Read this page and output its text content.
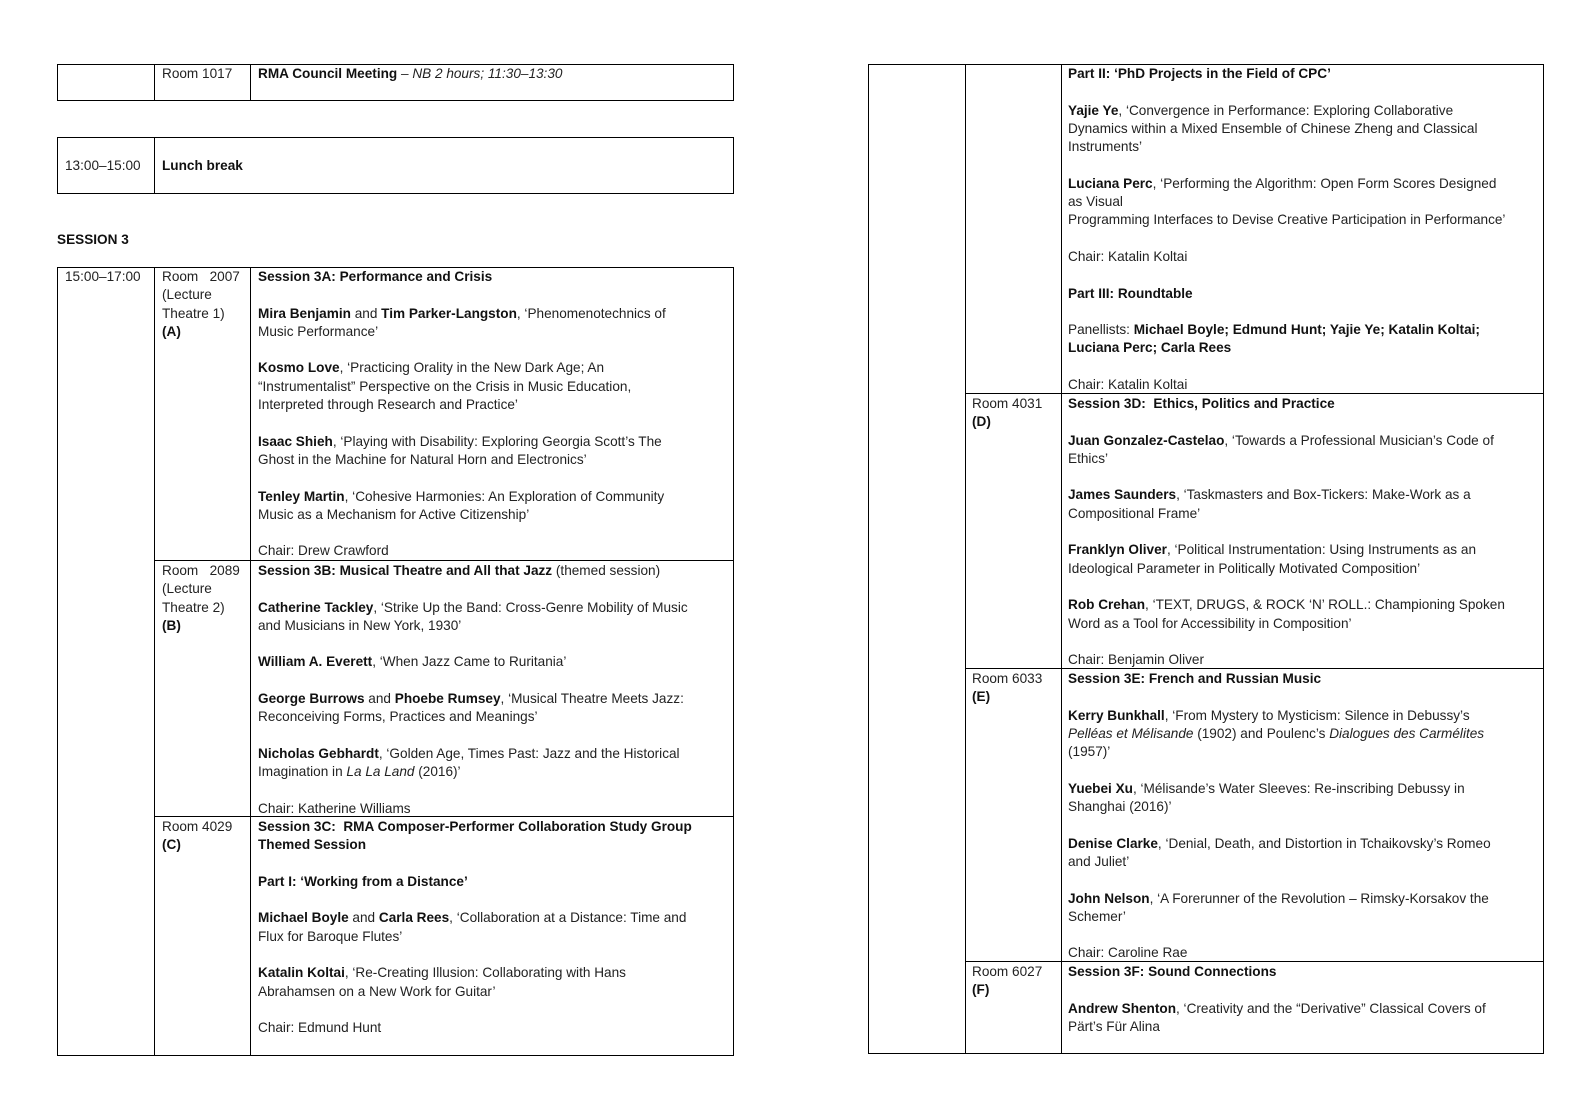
Room 1017 RMA Council Meeting – NB 2 hours; 11:30–13:30
13:00–15:00 Lunch break
SESSION 3
15:00–17:00 Room   2007
(Lecture
Theatre 1)
(A)
Session 3A: Performance and Crisis
Mira Benjamin and Tim Parker-Langston, ‘Phenomenotechnics of
Music Performance’
Kosmo Love, ‘Practicing Orality in the New Dark Age; An
“Instrumentalist” Perspective on the Crisis in Music Education,
Interpreted through Research and Practice’
Isaac Shieh, ‘Playing with Disability: Exploring Georgia Scott’s The
Ghost in the Machine for Natural Horn and Electronics’
Tenley Martin, ‘Cohesive Harmonies: An Exploration of Community
Music as a Mechanism for Active Citizenship’
Chair: Drew Crawford
Room   2089
(Lecture
Theatre 2)
(B)
Session 3B: Musical Theatre and All that Jazz (themed session)
Catherine Tackley, ‘Strike Up the Band: Cross-Genre Mobility of Music
and Musicians in New York, 1930’
William A. Everett, ‘When Jazz Came to Ruritania’
George Burrows and Phoebe Rumsey, ‘Musical Theatre Meets Jazz:
Reconceiving Forms, Practices and Meanings’
Nicholas Gebhardt, ‘Golden Age, Times Past: Jazz and the Historical
Imagination in La La Land (2016)’
Chair: Katherine Williams
Room 4029
(C)
Session 3C:  RMA Composer-Performer Collaboration Study Group
Themed Session
Part I: ‘Working from a Distance’
Michael Boyle and Carla Rees, ‘Collaboration at a Distance: Time and
Flux for Baroque Flutes’
Katalin Koltai, ‘Re-Creating Illusion: Collaborating with Hans
Abrahamsen on a New Work for Guitar’
Chair: Edmund Hunt
Part II: ‘PhD Projects in the Field of CPC’
Yajie Ye, ‘Convergence in Performance: Exploring Collaborative
Dynamics within a Mixed Ensemble of Chinese Zheng and Classical
Instruments’
Luciana Perc, ‘Performing the Algorithm: Open Form Scores Designed
as Visual
Programming Interfaces to Devise Creative Participation in Performance’
Chair: Katalin Koltai
Part III: Roundtable
Panellists: Michael Boyle; Edmund Hunt; Yajie Ye; Katalin Koltai;
Luciana Perc; Carla Rees
Chair: Katalin Koltai
Room 4031
(D)
Session 3D:  Ethics, Politics and Practice
Juan Gonzalez-Castelao, ‘Towards a Professional Musician’s Code of
Ethics’
James Saunders, ‘Taskmasters and Box-Tickers: Make-Work as a
Compositional Frame’
Franklyn Oliver, ‘Political Instrumentation: Using Instruments as an
Ideological Parameter in Politically Motivated Composition’
Rob Crehan, ‘TEXT, DRUGS, & ROCK ‘N’ ROLL.: Championing Spoken
Word as a Tool for Accessibility in Composition’
Chair: Benjamin Oliver
Room 6033
(E)
Session 3E: French and Russian Music
Kerry Bunkhall, ‘From Mystery to Mysticism: Silence in Debussy’s
Pelléas et Mélisande (1902) and Poulenc’s Dialogues des Carmélites
(1957)’
Yuebei Xu, ‘Mélisande’s Water Sleeves: Re-inscribing Debussy in
Shanghai (2016)’
Denise Clarke, ‘Denial, Death, and Distortion in Tchaikovsky’s Romeo
and Juliet’
John Nelson, ‘A Forerunner of the Revolution – Rimsky-Korsakov the
Schemer’
Chair: Caroline Rae
Room 6027
(F)
Session 3F: Sound Connections
Andrew Shenton, ‘Creativity and the “Derivative” Classical Covers of
Pärt’s Für Alina
